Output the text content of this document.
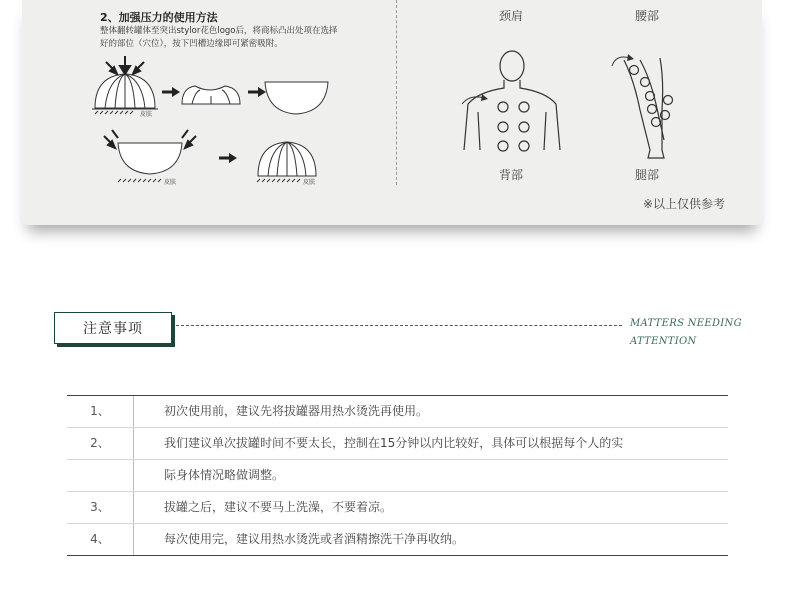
2、加强压力的使用方法
整体翻转罐体至突出stylor花色logo后，将商标凸出处项在选择好的部位（穴位），按下凹槽边缘即可紧密吸附。
皮肤
皮肤	皮肤
颈肩	腰部
背部	腿部
※以上仅供参考
注意事项	MATTERS NEEDING
ATTENTION
1、	初次使用前，建议先将拔罐器用热水烫洗再使用。
2、	我们建议单次拔罐时间不要太长，控制在15分钟以内比较好，具体可以根据每个人的实
际身体情况略做调整。
3、	拔罐之后，建议不要马上洗澡，不要着凉。
4、	每次使用完，建议用热水烫洗或者酒精擦洗干净再收纳。
